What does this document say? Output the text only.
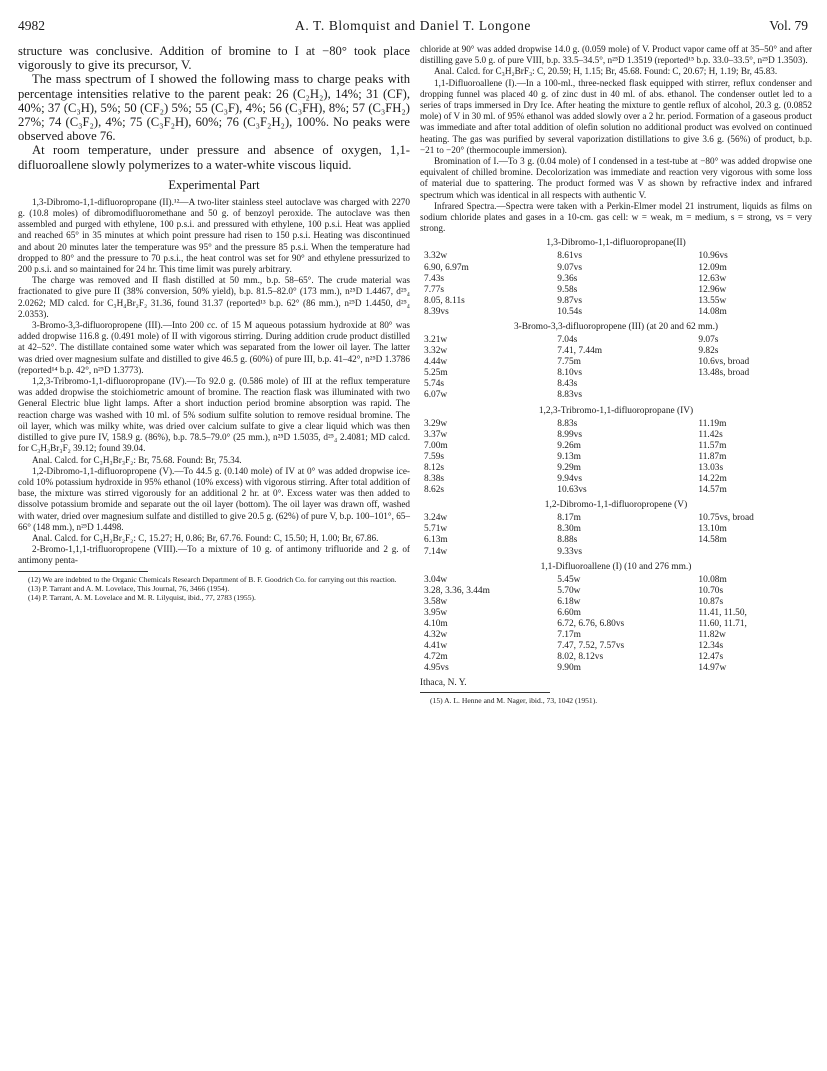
4982	A. T. Blomquist and Daniel T. Longone	Vol. 79

structure was conclusive. Addition of bromine to I at −80° took place vigorously to give its precursor, V.

The mass spectrum of I showed the following mass to charge peaks with percentage intensities relative to the parent peak: 26 (C₂H₂), 14%; 31 (CF), 40%; 37 (C₃H), 5%; 50 (CF₂) 5%; 55 (C₃F), 4%; 56 (C₃FH), 8%; 57 (C₃FH₂) 27%; 74 (C₃F₂), 4%; 75 (C₃F₂H), 60%; 76 (C₃F₂H₂), 100%. No peaks were observed above 76.

At room temperature, under pressure and absence of oxygen, 1,1-difluoroallene slowly polymerizes to a water-white viscous liquid.

Experimental Part

1,3-Dibromo-1,1-difluoropropane (II).¹²—A two-liter stainless steel autoclave was charged with 2270 g. (10.8 moles) of dibromodifluoromethane and 50 g. of benzoyl peroxide. The autoclave was then assembled and purged with ethylene, 100 p.s.i. and pressured with ethylene, 100 p.s.i. Heat was applied and reached 65° in 35 minutes at which point pressure had risen to 150 p.s.i. Heating was discontinued and about 20 minutes later the temperature was 95° and the pressure 85 p.s.i. When the temperature had dropped to 80° and the pressure to 70 p.s.i., the heat control was set for 90° and ethylene pressurized to 200 p.s.i. and so maintained for 24 hr. This time limit was purely arbitrary.

The charge was removed and II flash distilled at 50 mm., b.p. 58–65°. The crude material was fractionated to give pure II (38% conversion, 50% yield), b.p. 81.5–82.0° (173 mm.), n²⁵D 1.4467, d²⁵₄ 2.0262; MD calcd. for C₃H₄Br₂F₂ 31.36, found 31.37 (reported¹³ b.p. 62° (86 mm.), n²⁵D 1.4450, d²⁵₄ 2.0353).

3-Bromo-3,3-difluoropropene (III).—Into 200 cc. of 15 M aqueous potassium hydroxide at 80° was added dropwise 116.8 g. (0.491 mole) of II with vigorous stirring. During addition crude product distilled at 42–52°. The distillate contained some water which was separated from the lower oil layer. The latter was dried over magnesium sulfate and distilled to give 46.5 g. (60%) of pure III, b.p. 41–42°, n²⁵D 1.3786 (reported¹⁴ b.p. 42°, n²⁵D 1.3773).

1,2,3-Tribromo-1,1-difluoropropane (IV).—To 92.0 g. (0.586 mole) of III at the reflux temperature was added dropwise the stoichiometric amount of bromine. The reaction flask was illuminated with two General Electric blue light lamps. After a short induction period bromine absorption was rapid. The reaction charge was washed with 10 ml. of 5% sodium sulfite solution to remove residual bromine. The oil layer, which was milky white, was dried over calcium sulfate to give a clear liquid which was then distilled to give pure IV, 158.9 g. (86%), b.p. 78.5–79.0° (25 mm.), n²⁵D 1.5035, d²⁵₄ 2.4081; MD calcd. for C₃H₃Br₃F₂ 39.12; found 39.04.

Anal. Calcd. for C₃H₃Br₃F₂: Br, 75.68. Found: Br, 75.34.

1,2-Dibromo-1,1-difluoropropene (V).—To 44.5 g. (0.140 mole) of IV at 0° was added dropwise ice-cold 10% potassium hydroxide in 95% ethanol (10% excess) with vigorous stirring. After total addition of base, the mixture was stirred vigorously for an additional 2 hr. at 0°. Excess water was then added to dissolve potassium bromide and separate out the oil layer (bottom). The oil layer was drawn off, washed with water, dried over magnesium sulfate and distilled to give 20.5 g. (62%) of pure V, b.p. 100–101°, 65–66° (148 mm.), n²⁵D 1.4498.

Anal. Calcd. for C₃H₂Br₂F₂: C, 15.27; H, 0.86; Br, 67.76. Found: C, 15.50; H, 1.00; Br, 67.86.

2-Bromo-1,1,1-trifluoropropene (VIII).—To a mixture of 10 g. of antimony trifluoride and 2 g. of antimony penta-

(12) We are indebted to the Organic Chemicals Research Department of B. F. Goodrich Co. for carrying out this reaction.

(13) P. Tarrant and A. M. Lovelace, This Journal, 76, 3466 (1954).

(14) P. Tarrant, A. M. Lovelace and M. R. Lilyquist, ibid., 77, 2783 (1955).

chloride at 90° was added dropwise 14.0 g. (0.059 mole) of V. Product vapor came off at 35–50° and after distilling gave 5.0 g. of pure VIII, b.p. 33.5–34.5°, n²⁵D 1.3519 (reported¹⁵ b.p. 33.0–33.5°, n²⁵D 1.3503).

Anal. Calcd. for C₃H₂BrF₃: C, 20.59; H, 1.15; Br, 45.68. Found: C, 20.67; H, 1.19; Br, 45.83.

1,1-Difluoroallene (I).—In a 100-ml., three-necked flask equipped with stirrer, reflux condenser and dropping funnel was placed 40 g. of zinc dust in 40 ml. of abs. ethanol. The condenser outlet led to a series of traps immersed in Dry Ice. After heating the mixture to gentle reflux of alcohol, 20.3 g. (0.0852 mole) of V in 30 ml. of 95% ethanol was added slowly over a 2 hr. period. Formation of a gaseous product was immediate and after total addition of olefin solution no additional product was evolved on continued heating. The gas was purified by several vaporization distillations to give 3.6 g. (56%) of product, b.p. −21 to −20° (thermocouple immersion).

Bromination of I.—To 3 g. (0.04 mole) of I condensed in a test-tube at −80° was added dropwise one equivalent of chilled bromine. Decolorization was immediate and reaction very vigorous with some loss of material due to spattering. The product formed was V as shown by refractive index and infrared spectrum which was identical in all respects with authentic V.

Infrared Spectra.—Spectra were taken with a Perkin-Elmer model 21 instrument, liquids as films on sodium chloride plates and gases in a 10-cm. gas cell: w = weak, m = medium, s = strong, vs = very strong.

1,3-Dibromo-1,1-difluoropropane(II)
3.32w	8.61vs	10.96vs
6.90, 6.97m	9.07vs	12.09m
7.43s	9.36s	12.63w
7.77s	9.58s	12.96w
8.05, 8.11s	9.87vs	13.55w
8.39vs	10.54s	14.08m
3-Bromo-3,3-difluoropropene (III) (at 20 and 62 mm.)
3.21w	7.04s	9.07s
3.32w	7.41, 7.44m	9.82s
4.44w	7.75m	10.6vs, broad
5.25m	8.10vs	13.48s, broad
5.74s	8.43s	
6.07w	8.83vs	
1,2,3-Tribromo-1,1-difluoropropane (IV)
3.29w	8.83s	11.19m
3.37w	8.99vs	11.42s
7.00m	9.26m	11.57m
7.59s	9.13m	11.87m
8.12s	9.29m	13.03s
8.38s	9.94vs	14.22m
8.62s	10.63vs	14.57m
1,2-Dibromo-1,1-difluoropropene (V)
3.24w	8.17m	10.75vs, broad
5.71w	8.30m	13.10m
6.13m	8.88s	14.58m
7.14w	9.33vs	
1,1-Difluoroallene (I) (10 and 276 mm.)
3.04w	5.45w	10.08m
3.28, 3.36, 3.44m	5.70w	10.70s
3.58w	6.18w	10.87s
3.95w	6.60m	11.41, 11.50,
4.10m	6.72, 6.76, 6.80vs	11.60, 11.71,
4.32w	7.17m	11.82w
4.41w	7.47, 7.52, 7.57vs	12.34s
4.72m	8.02, 8.12vs	12.47s
4.95vs	9.90m	14.97w
Ithaca, N. Y.

(15) A. L. Henne and M. Nager, ibid., 73, 1042 (1951).
